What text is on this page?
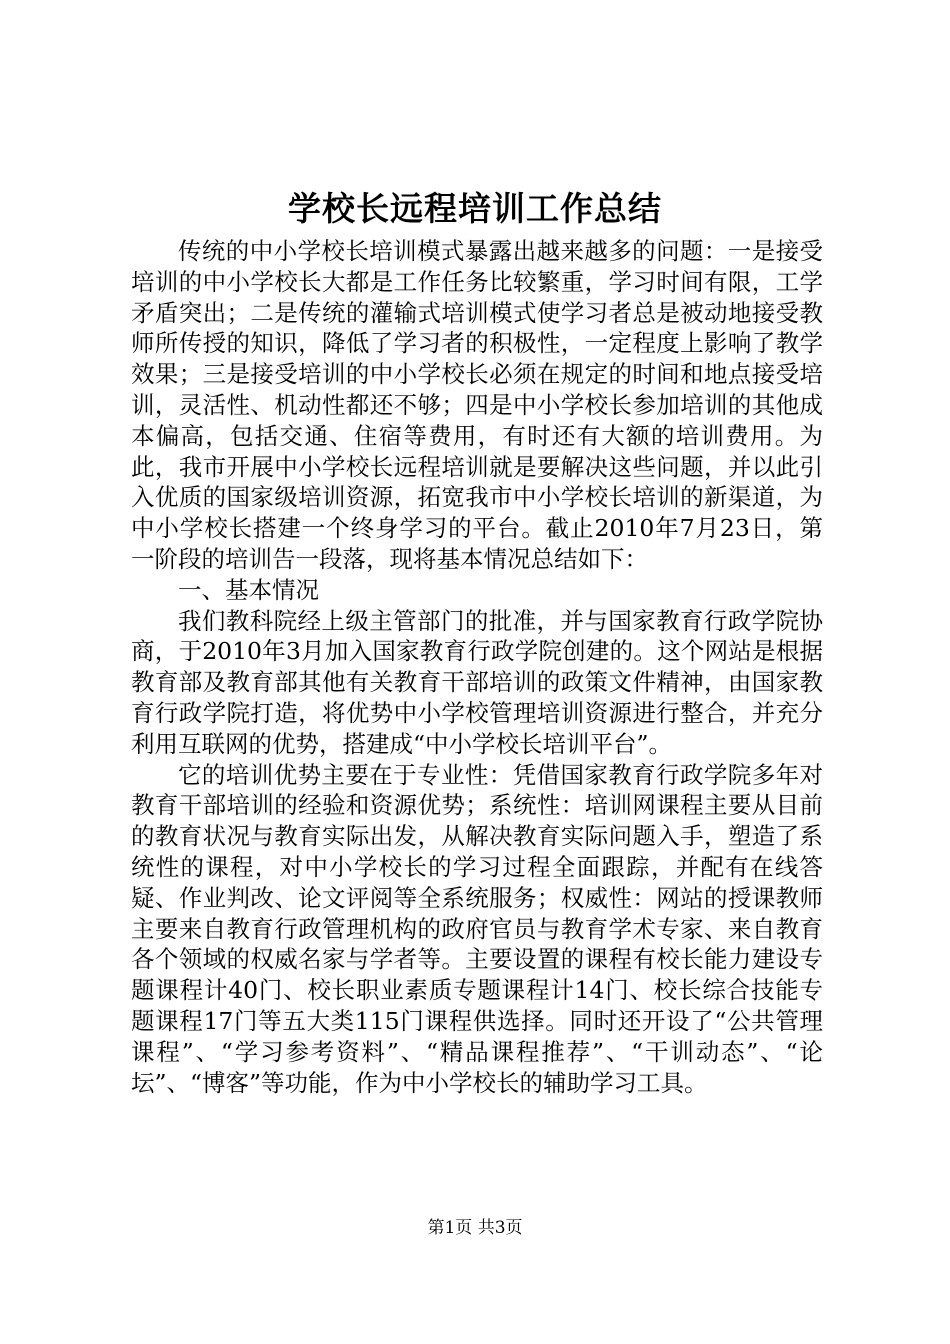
学校长远程培训工作总结

传统的中小学校长培训模式暴露出越来越多的问题：一是接受培训的中小学校长大都是工作任务比较繁重，学习时间有限，工学矛盾突出；二是传统的灌输式培训模式使学习者总是被动地接受教师所传授的知识，降低了学习者的积极性，一定程度上影响了教学效果；三是接受培训的中小学校长必须在规定的时间和地点接受培训，灵活性、机动性都还不够；四是中小学校长参加培训的其他成本偏高，包括交通、住宿等费用，有时还有大额的培训费用。为此，我市开展中小学校长远程培训就是要解决这些问题，并以此引入优质的国家级培训资源，拓宽我市中小学校长培训的新渠道，为中小学校长搭建一个终身学习的平台。截止2010年7月23日，第一阶段的培训告一段落，现将基本情况总结如下：

一、基本情况

我们教科院经上级主管部门的批准，并与国家教育行政学院协商，于2010年3月加入国家教育行政学院创建的。这个网站是根据教育部及教育部其他有关教育干部培训的政策文件精神，由国家教育行政学院打造，将优势中小学校管理培训资源进行整合，并充分利用互联网的优势，搭建成“中小学校长培训平台”。

它的培训优势主要在于专业性：凭借国家教育行政学院多年对教育干部培训的经验和资源优势；系统性：培训网课程主要从目前的教育状况与教育实际出发，从解决教育实际问题入手，塑造了系统性的课程，对中小学校长的学习过程全面跟踪，并配有在线答疑、作业判改、论文评阅等全系统服务；权威性：网站的授课教师主要来自教育行政管理机构的政府官员与教育学术专家、来自教育各个领域的权威名家与学者等。主要设置的课程有校长能力建设专题课程计40门、校长职业素质专题课程计14门、校长综合技能专题课程17门等五大类115门课程供选择。同时还开设了“公共管理课程”、“学习参考资料”、“精品课程推荐”、“干训动态”、“论坛”、“博客”等功能，作为中小学校长的辅助学习工具。

第1页 共3页
